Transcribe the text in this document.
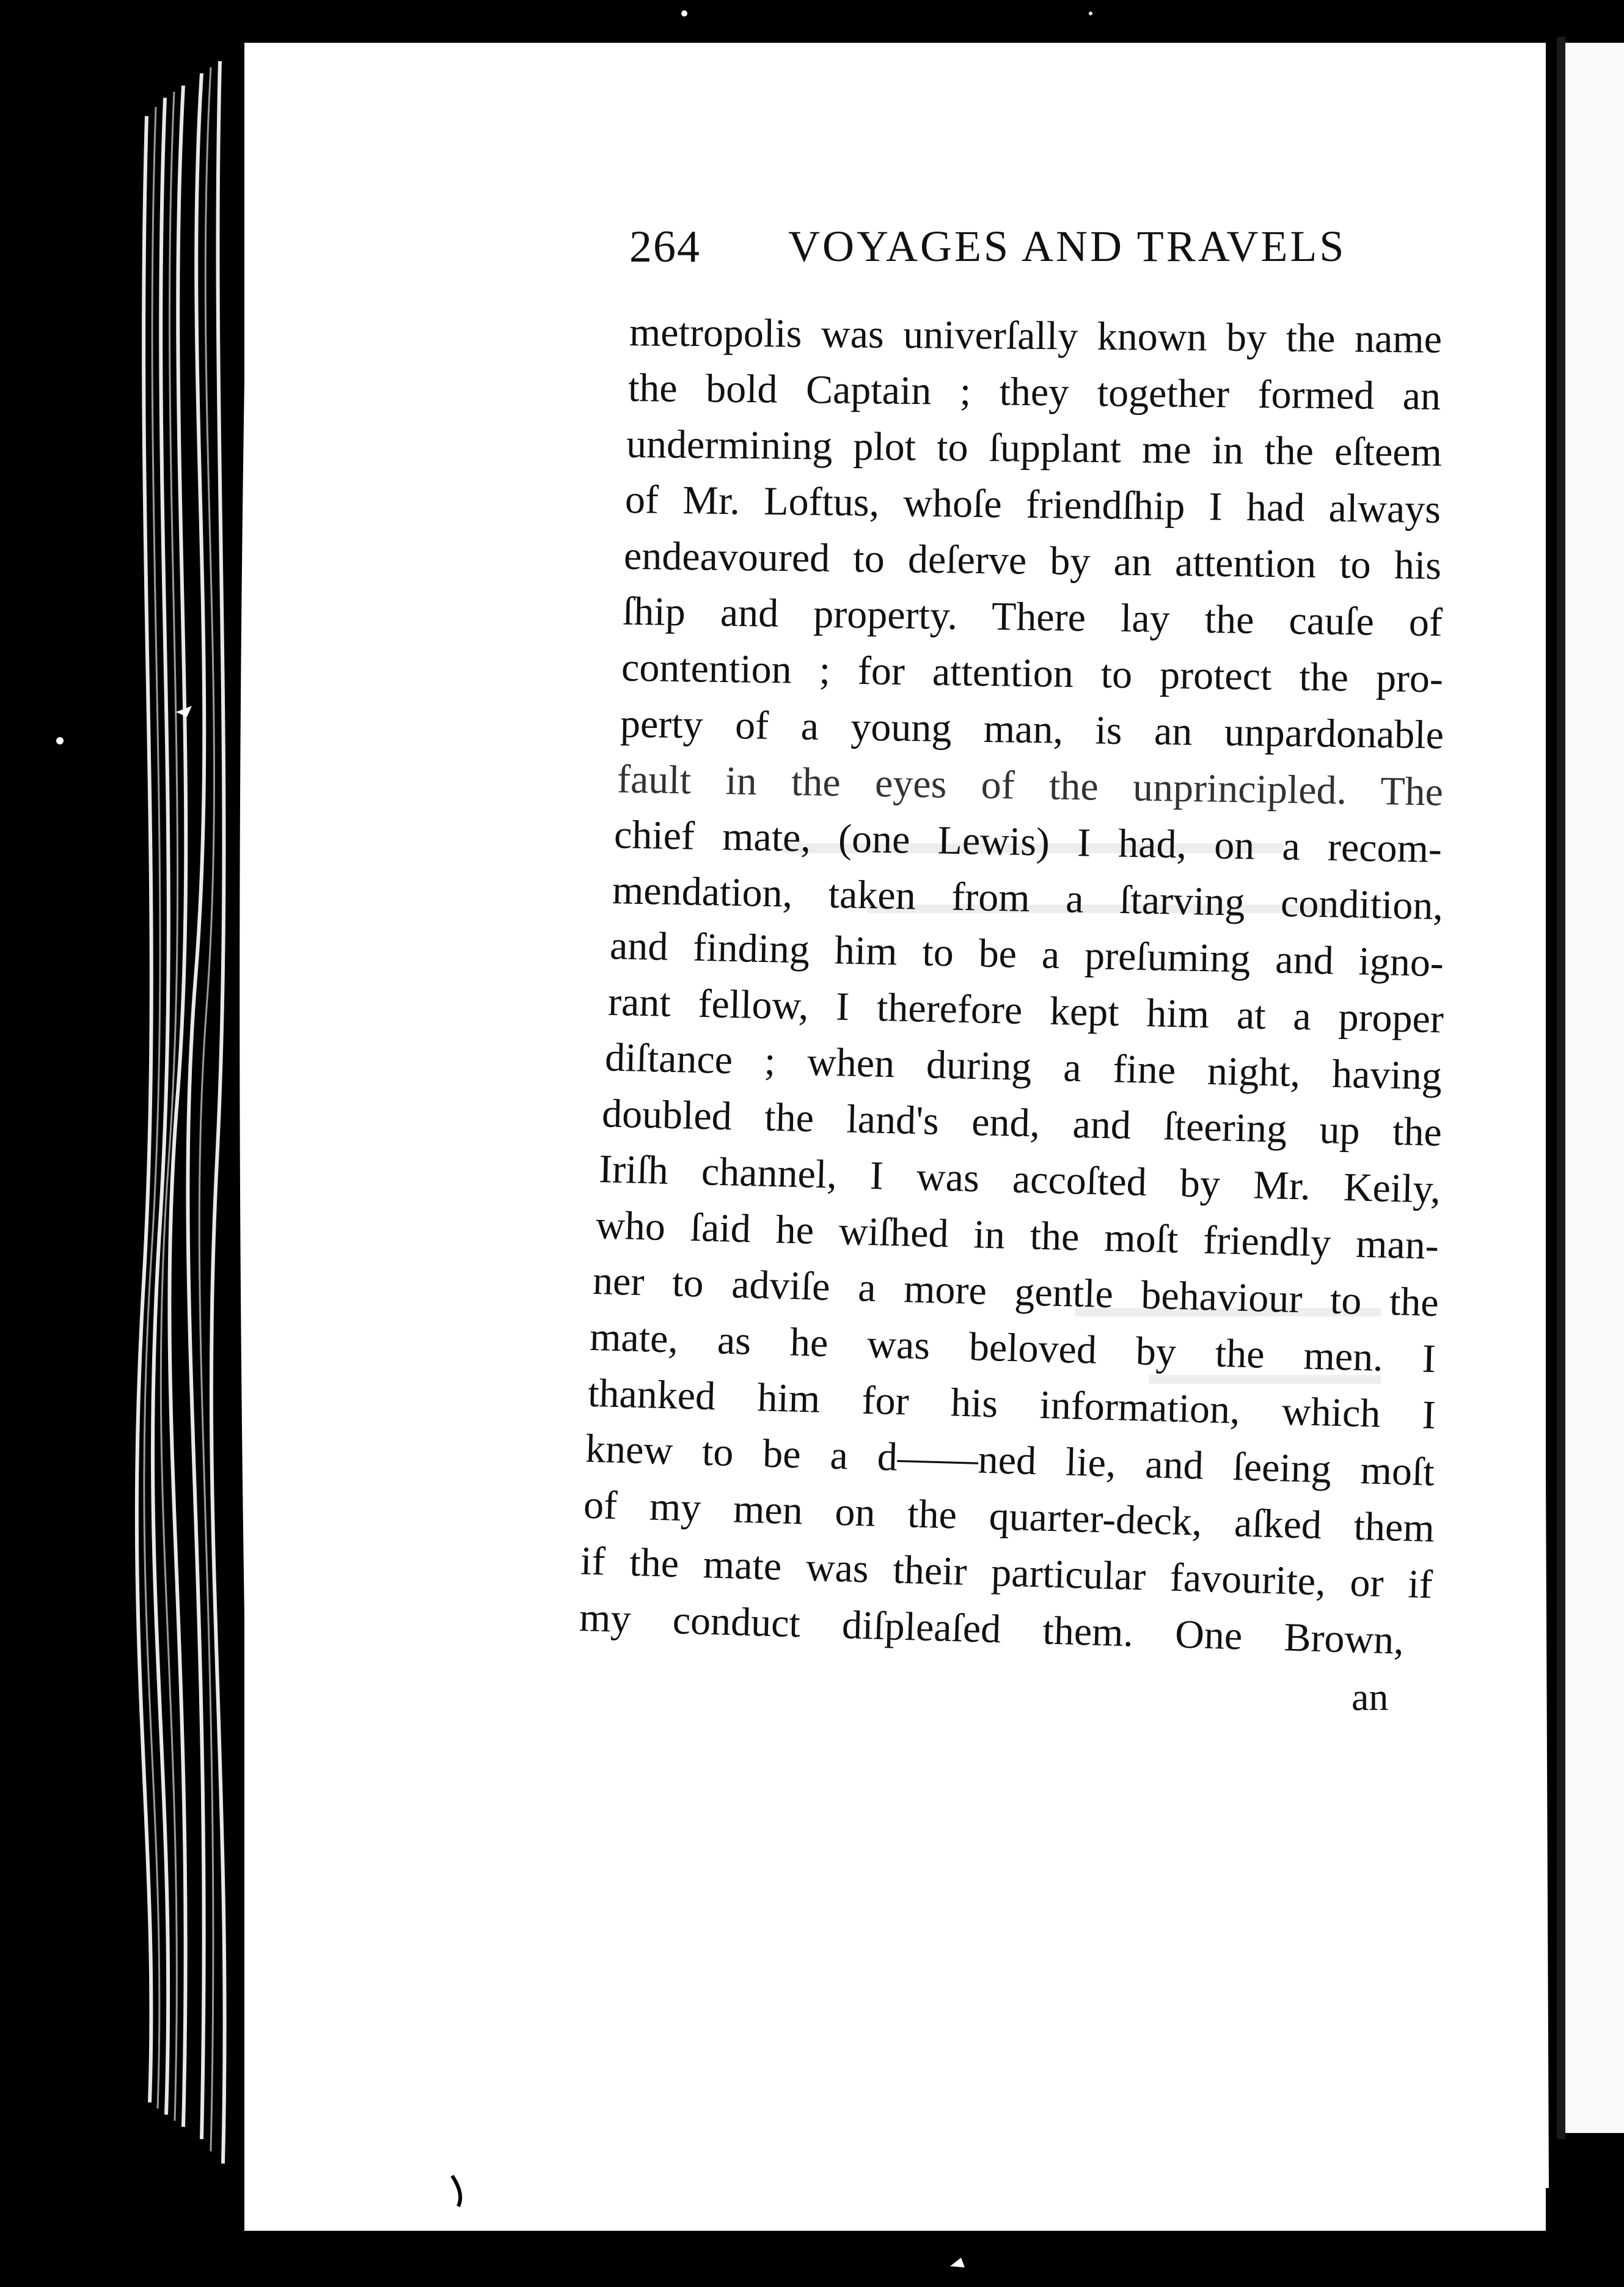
264 VOYAGES AND TRAVELS
metropolis was univerſally known by the name
the bold Captain ; they together formed an
undermining plot to ſupplant me in the eſteem
of Mr. Loftus, whoſe friendſhip I had always
endeavoured to deſerve by an attention to his
ſhip and property. There lay the cauſe of
contention ; for attention to protect the pro-
perty of a young man, is an unpardonable
fault in the eyes of the unprincipled. The
chief mate, (one Lewis) I had, on a recom-
mendation, taken from a ſtarving condition,
and finding him to be a preſuming and igno-
rant fellow, I therefore kept him at a proper
diſtance ; when during a fine night, having
doubled the land's end, and ſteering up the
Iriſh channel, I was accoſted by Mr. Keily,
who ſaid he wiſhed in the moſt friendly man-
ner to adviſe a more gentle behaviour to the
mate, as he was beloved by the men. I
thanked him for his information, which I
knew to be a d——ned lie, and ſeeing moſt
of my men on the quarter-deck, aſked them
if the mate was their particular favourite, or if
my conduct diſpleaſed them. One Brown,
an
